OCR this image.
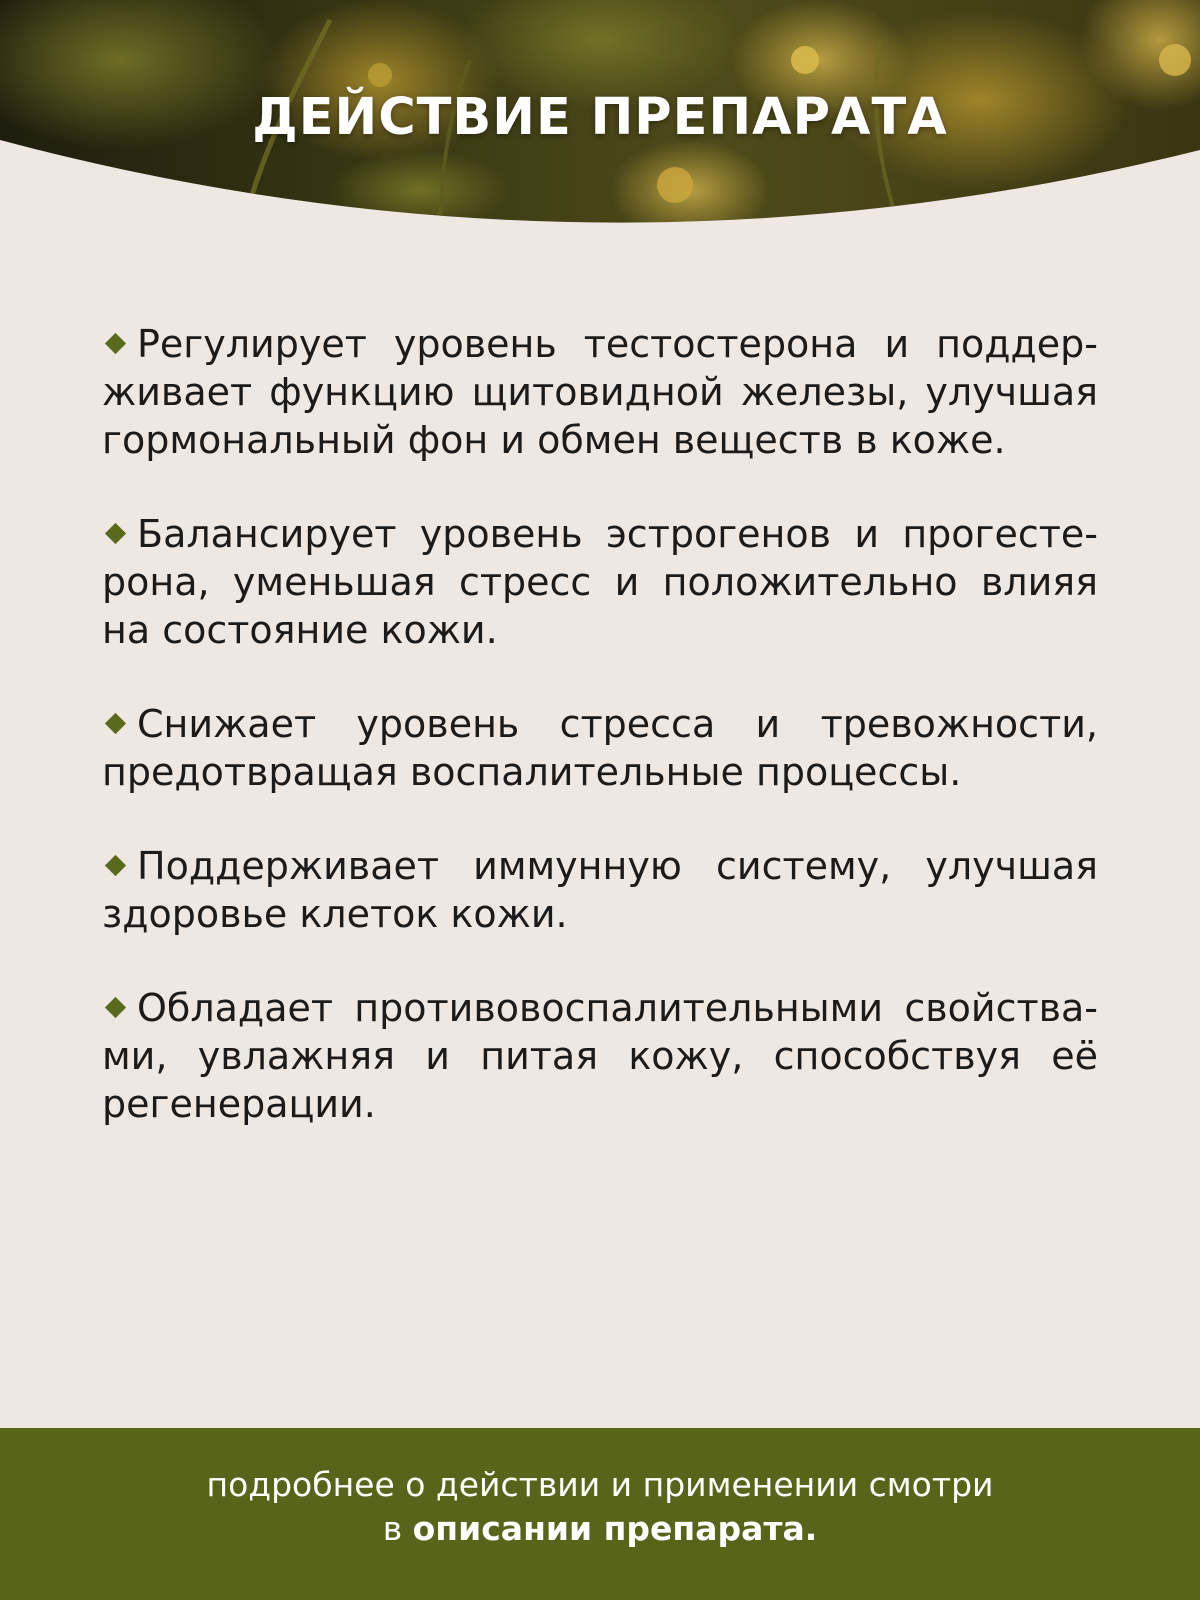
ДЕЙСТВИЕ ПРЕПАРАТА

Регулирует уровень тестостерона и поддер-живает функцию щитовидной железы, улучшая гормональный фон и обмен веществ в коже.

Балансирует уровень эстрогенов и прогесте-рона, уменьшая стресс и положительно влияя на состояние кожи.

Снижает уровень стресса и тревожности, предотвращая воспалительные процессы.

Поддерживает иммунную систему, улучшая здоровье клеток кожи.

Обладает противовоспалительными свойства-ми, увлажняя и питая кожу, способствуя её регенерации.

подробнее о действии и применении смотри
в описании препарата.
